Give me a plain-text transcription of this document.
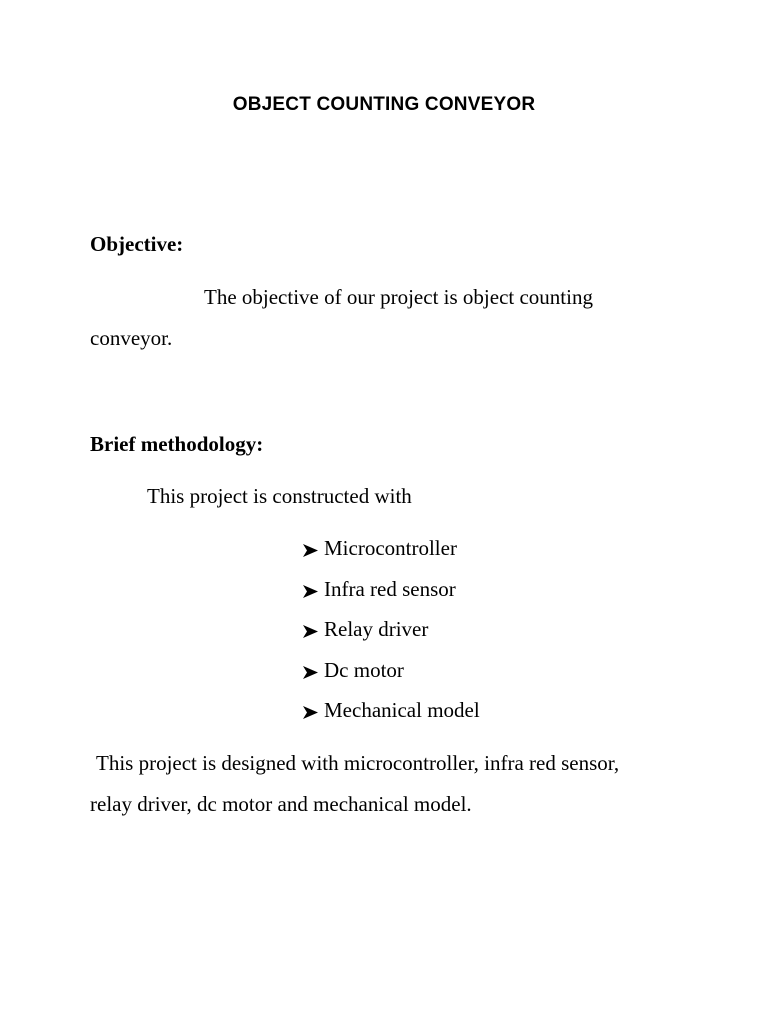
OBJECT COUNTING CONVEYOR
Objective:
The objective of our project is object counting
conveyor.
Brief methodology:
This project is constructed with
Microcontroller
Infra red sensor
Relay driver
Dc motor
Mechanical model
This project is designed with microcontroller, infra red sensor,
relay driver, dc motor and mechanical model.
